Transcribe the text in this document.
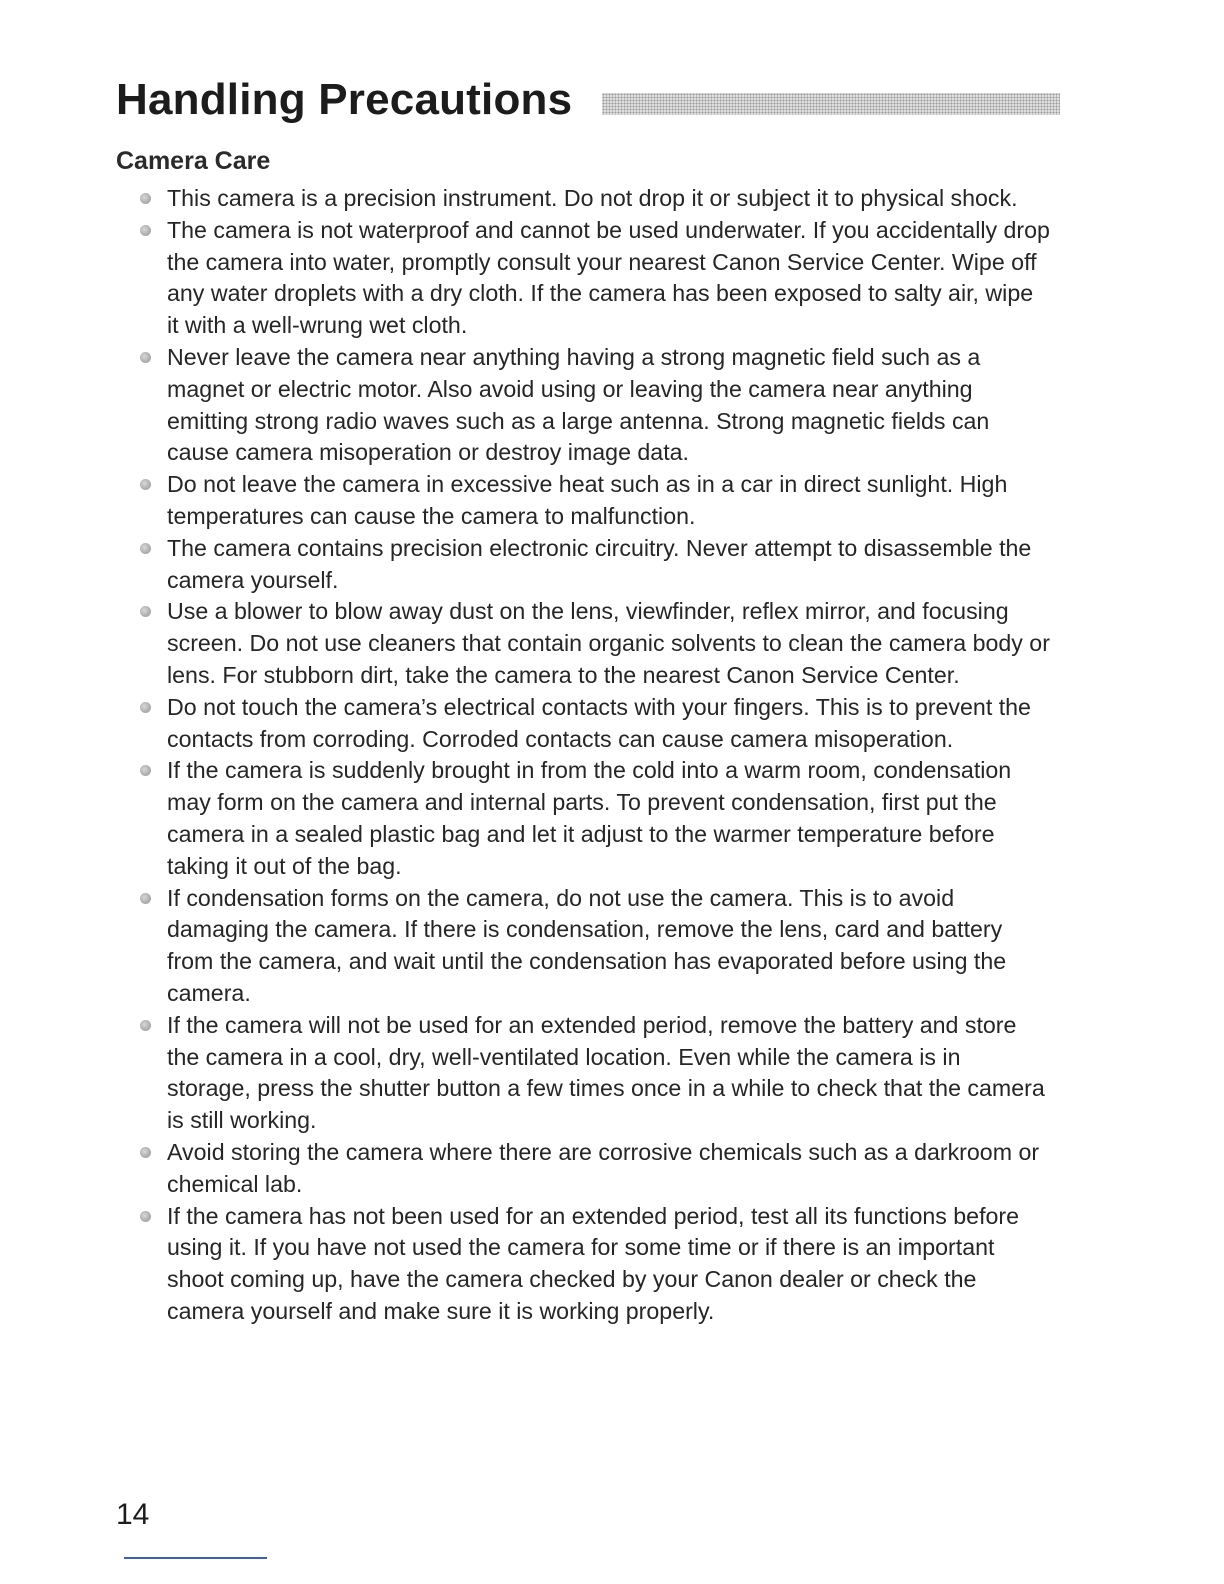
Handling Precautions
Camera Care
This camera is a precision instrument. Do not drop it or subject it to physical shock.
The camera is not waterproof and cannot be used underwater. If you accidentally drop the camera into water, promptly consult your nearest Canon Service Center. Wipe off any water droplets with a dry cloth. If the camera has been exposed to salty air, wipe it with a well-wrung wet cloth.
Never leave the camera near anything having a strong magnetic field such as a magnet or electric motor. Also avoid using or leaving the camera near anything emitting strong radio waves such as a large antenna. Strong magnetic fields can cause camera misoperation or destroy image data.
Do not leave the camera in excessive heat such as in a car in direct sunlight. High temperatures can cause the camera to malfunction.
The camera contains precision electronic circuitry. Never attempt to disassemble the camera yourself.
Use a blower to blow away dust on the lens, viewfinder, reflex mirror, and focusing screen. Do not use cleaners that contain organic solvents to clean the camera body or lens. For stubborn dirt, take the camera to the nearest Canon Service Center.
Do not touch the camera’s electrical contacts with your fingers. This is to prevent the contacts from corroding. Corroded contacts can cause camera misoperation.
If the camera is suddenly brought in from the cold into a warm room, condensation may form on the camera and internal parts. To prevent condensation, first put the camera in a sealed plastic bag and let it adjust to the warmer temperature before taking it out of the bag.
If condensation forms on the camera, do not use the camera. This is to avoid damaging the camera. If there is condensation, remove the lens, card and battery from the camera, and wait until the condensation has evaporated before using the camera.
If the camera will not be used for an extended period, remove the battery and store the camera in a cool, dry, well-ventilated location. Even while the camera is in storage, press the shutter button a few times once in a while to check that the camera is still working.
Avoid storing the camera where there are corrosive chemicals such as a darkroom or chemical lab.
If the camera has not been used for an extended period, test all its functions before using it. If you have not used the camera for some time or if there is an important shoot coming up, have the camera checked by your Canon dealer or check the camera yourself and make sure it is working properly.
14
